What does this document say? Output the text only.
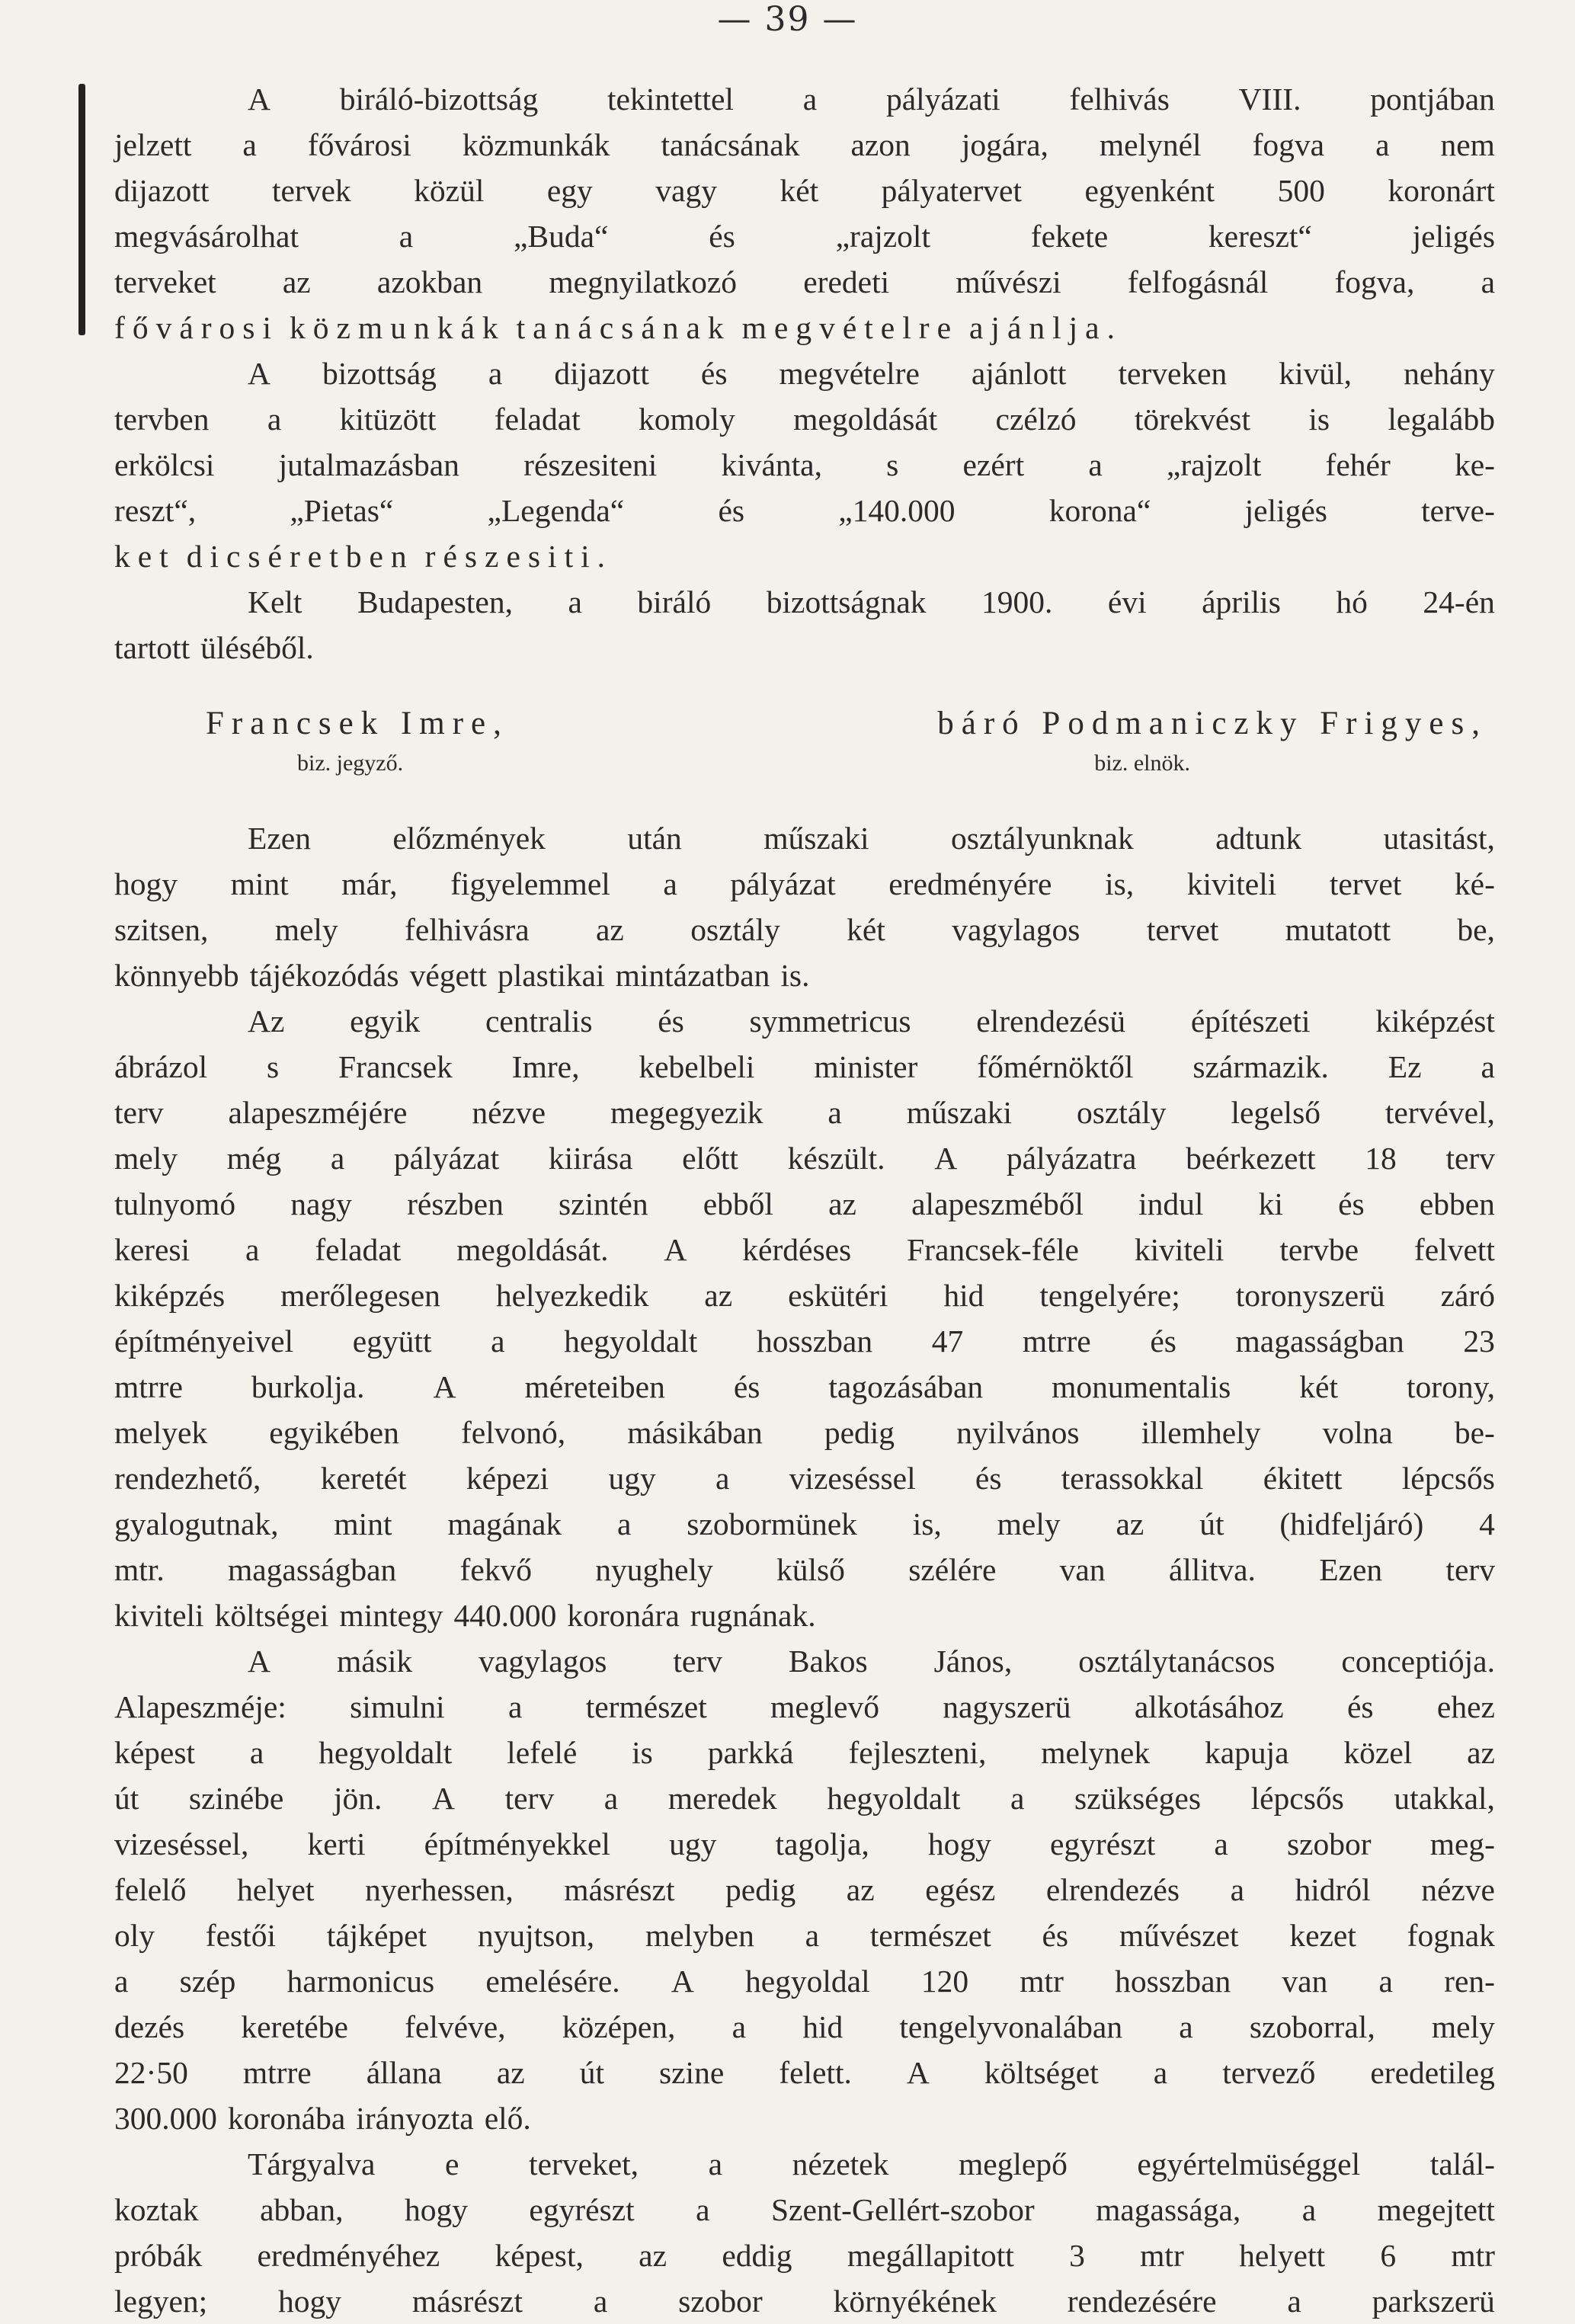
— 39 —
A biráló-bizottság tekintettel a pályázati felhivás VIII. pontjában
jelzett a fővárosi közmunkák tanácsának azon jogára, melynél fogva a nem
dijazott tervek közül egy vagy két pályatervet egyenként 500 koronárt
megvásárolhat	a	„Buda“	és	„rajzolt	fekete	kereszt“	jeligés
terveket az azokban megnyilatkozó eredeti művészi felfogásnál fogva, a
fővárosi közmunkák tanácsának megvételre ajánlja.
A bizottság a dijazott és megvételre ajánlott terveken kivül, nehány
tervben a kitüzött feladat komoly megoldását czélzó törekvést is legalább
erkölcsi jutalmazásban részesiteni kivánta, s ezért a „rajzolt fehér ke-
reszt“,	„Pietas“	„Legenda“	és	„140.000	korona“	jeligés	terve-
ket dicséretben részesiti.
Kelt Budapesten, a biráló bizottságnak 1900. évi április hó 24-én
tartott üléséből.
Francsek Imre,	báró Podmaniczky Frigyes,
biz. jegyző.	biz. elnök.
Ezen	előzmények	után	műszaki	osztályunknak	adtunk	utasitást,
hogy mint már, figyelemmel a pályázat eredményére is, kiviteli tervet ké-
szitsen, mely felhivásra az osztály két vagylagos tervet mutatott be,
könnyebb tájékozódás végett plastikai mintázatban is.
Az egyik centralis és symmetricus elrendezésü építészeti kiképzést
ábrázol s Francsek Imre, kebelbeli minister főmérnöktől származik. Ez a
terv alapeszméjére nézve megegyezik a műszaki osztály legelső tervével,
mely még a pályázat kiirása előtt készült. A pályázatra beérkezett 18 terv
tulnyomó nagy részben szintén ebből az alapeszméből indul ki és ebben
keresi a feladat megoldását. A kérdéses Francsek-féle kiviteli tervbe felvett
kiképzés merőlegesen helyezkedik az eskütéri hid tengelyére; toronyszerü záró
építményeivel együtt a hegyoldalt hosszban 47 mtrre és magasságban 23
mtrre burkolja. A méreteiben és tagozásában monumentalis két torony,
melyek egyikében felvonó, másikában pedig nyilvános illemhely volna be-
rendezhető, keretét képezi ugy a vizeséssel és terassokkal ékitett lépcsős
gyalogutnak, mint magának a szobormünek is, mely az út (hidfeljáró) 4
mtr. magasságban fekvő nyughely külső szélére van állitva. Ezen terv
kiviteli költségei mintegy 440.000 koronára rugnának.
A másik vagylagos terv Bakos János, osztálytanácsos conceptiója.
Alapeszméje: simulni a természet meglevő nagyszerü alkotásához és ehez
képest a hegyoldalt lefelé is parkká fejleszteni, melynek kapuja közel az
út szinébe jön. A terv a meredek hegyoldalt a szükséges lépcsős utakkal,
vizeséssel, kerti építményekkel ugy tagolja, hogy egyrészt a szobor meg-
felelő helyet nyerhessen, másrészt pedig az egész elrendezés a hidról nézve
oly festői tájképet nyujtson, melyben a természet és művészet kezet fognak
a szép harmonicus emelésére. A hegyoldal 120 mtr hosszban van a ren-
dezés keretébe felvéve, középen, a hid tengelyvonalában a szoborral, mely
22·50 mtrre állana az út szine felett. A költséget a tervező eredetileg
300.000 koronába irányozta elő.
Tárgyalva e terveket, a nézetek meglepő egyértelmüséggel talál-
koztak abban, hogy egyrészt a Szent-Gellért-szobor magassága, a megejtett
próbák eredményéhez képest, az eddig megállapitott 3 mtr helyett 6 mtr
legyen; hogy másrészt a szobor környékének rendezésére a parkszerü
